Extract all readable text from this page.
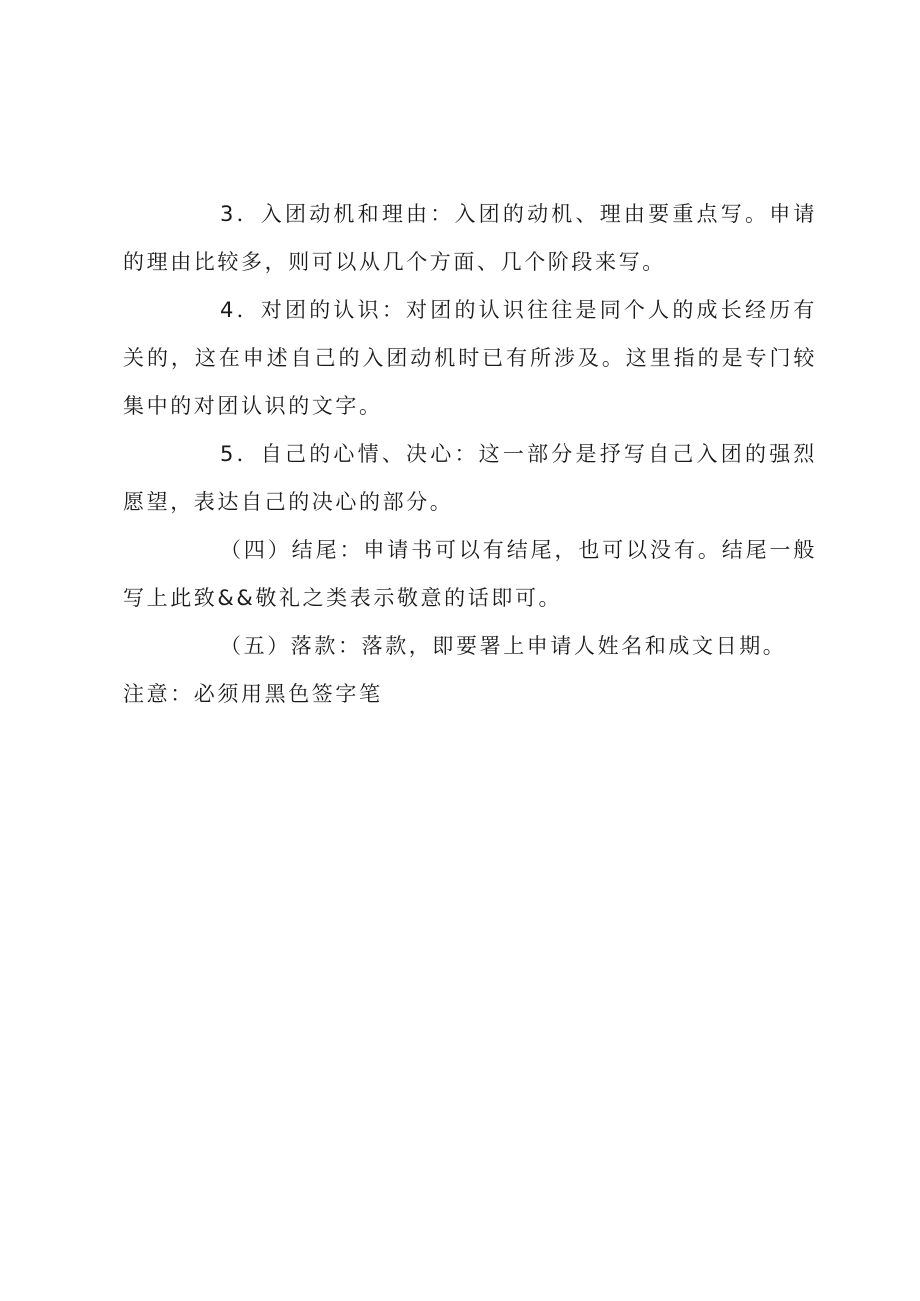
3．入团动机和理由：入团的动机、理由要重点写。申请的理由比较多，则可以从几个方面、几个阶段来写。

4．对团的认识：对团的认识往往是同个人的成长经历有关的，这在申述自己的入团动机时已有所涉及。这里指的是专门较集中的对团认识的文字。

5．自己的心情、决心：这一部分是抒写自己入团的强烈愿望，表达自己的决心的部分。

（四）结尾：申请书可以有结尾，也可以没有。结尾一般写上此致&&敬礼之类表示敬意的话即可。

（五）落款：落款，即要署上申请人姓名和成文日期。

注意：必须用黑色签字笔
